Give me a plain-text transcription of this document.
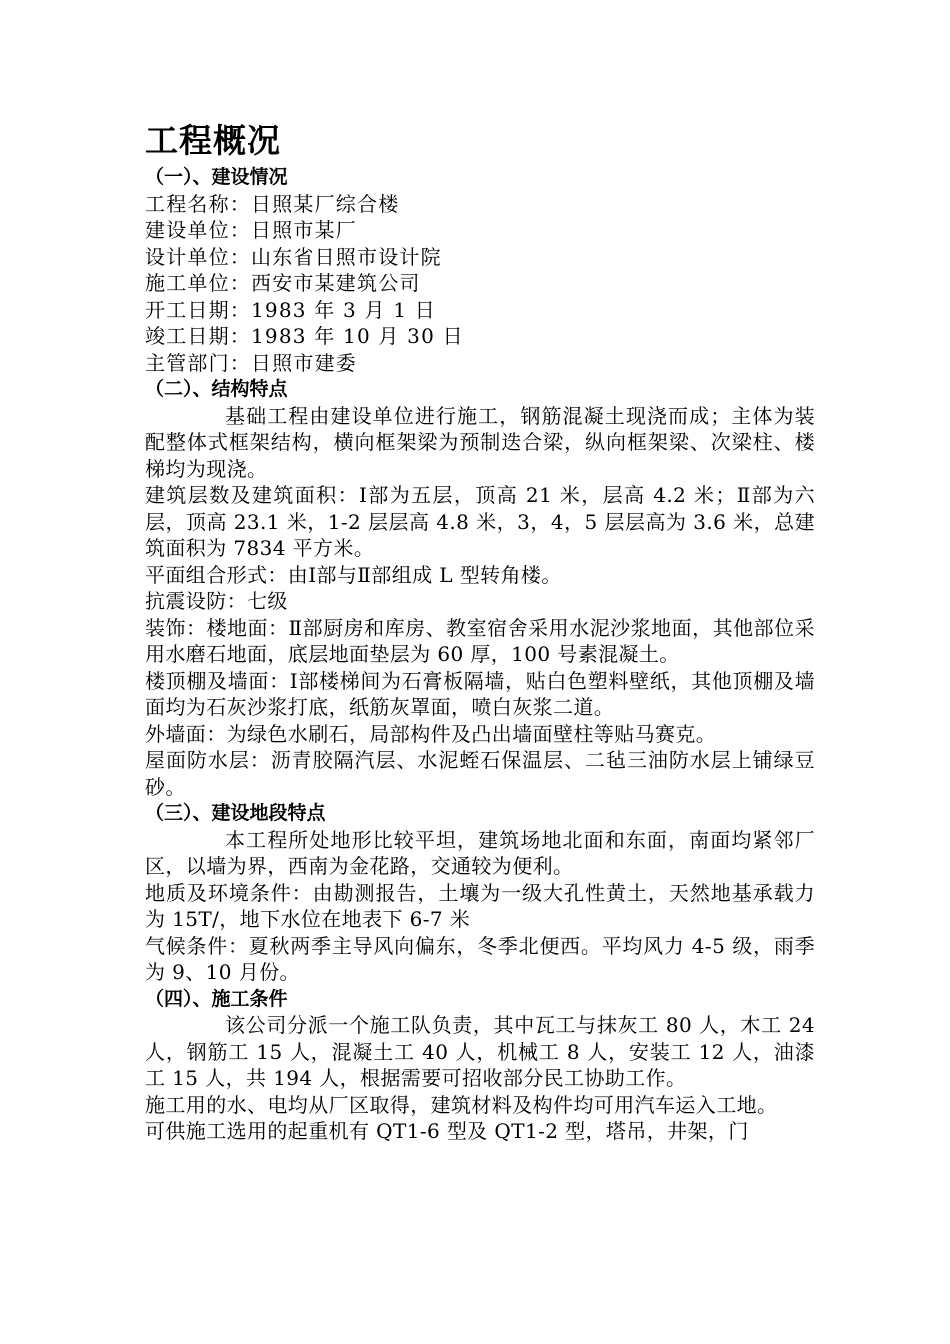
工程概况
（一）、建设情况

工程名称：日照某厂综合楼

建设单位：日照市某厂

设计单位：山东省日照市设计院

施工单位：西安市某建筑公司

开工日期：1983 年 3 月 1 日

竣工日期：1983 年 10 月 30 日

主管部门：日照市建委

（二）、结构特点

基础工程由建设单位进行施工，钢筋混凝土现浇而成；主体为装配整体式框架结构，横向框架梁为预制迭合梁，纵向框架梁、次梁柱、楼梯均为现浇。

建筑层数及建筑面积：Ⅰ部为五层，顶高 21 米，层高 4.2 米；Ⅱ部为六层，顶高 23.1 米，1-2 层层高 4.8 米，3，4，5 层层高为 3.6 米，总建筑面积为 7834 平方米。

平面组合形式：由Ⅰ部与Ⅱ部组成 L 型转角楼。

抗震设防：七级

装饰：楼地面：Ⅱ部厨房和库房、教室宿舍采用水泥沙浆地面，其他部位采用水磨石地面，底层地面垫层为 60 厚，100 号素混凝土。

楼顶棚及墙面：Ⅰ部楼梯间为石膏板隔墙，贴白色塑料壁纸，其他顶棚及墙面均为石灰沙浆打底，纸筋灰罩面，喷白灰浆二道。

外墙面：为绿色水刷石，局部构件及凸出墙面壁柱等贴马赛克。

屋面防水层：沥青胶隔汽层、水泥蛭石保温层、二毡三油防水层上铺绿豆砂。

（三）、建设地段特点

本工程所处地形比较平坦，建筑场地北面和东面，南面均紧邻厂区，以墙为界，西南为金花路，交通较为便利。

地质及环境条件：由勘测报告，土壤为一级大孔性黄土，天然地基承载力为 15T/，地下水位在地表下 6-7 米

气候条件：夏秋两季主导风向偏东，冬季北便西。平均风力 4-5 级，雨季为 9、10 月份。

（四）、施工条件

该公司分派一个施工队负责，其中瓦工与抹灰工 80 人，木工 24 人，钢筋工 15 人，混凝土工 40 人，机械工 8 人，安装工 12 人，油漆工 15 人，共 194 人，根据需要可招收部分民工协助工作。

施工用的水、电均从厂区取得，建筑材料及构件均可用汽车运入工地。

可供施工选用的起重机有 QT1-6 型及 QT1-2 型，塔吊，井架，门
